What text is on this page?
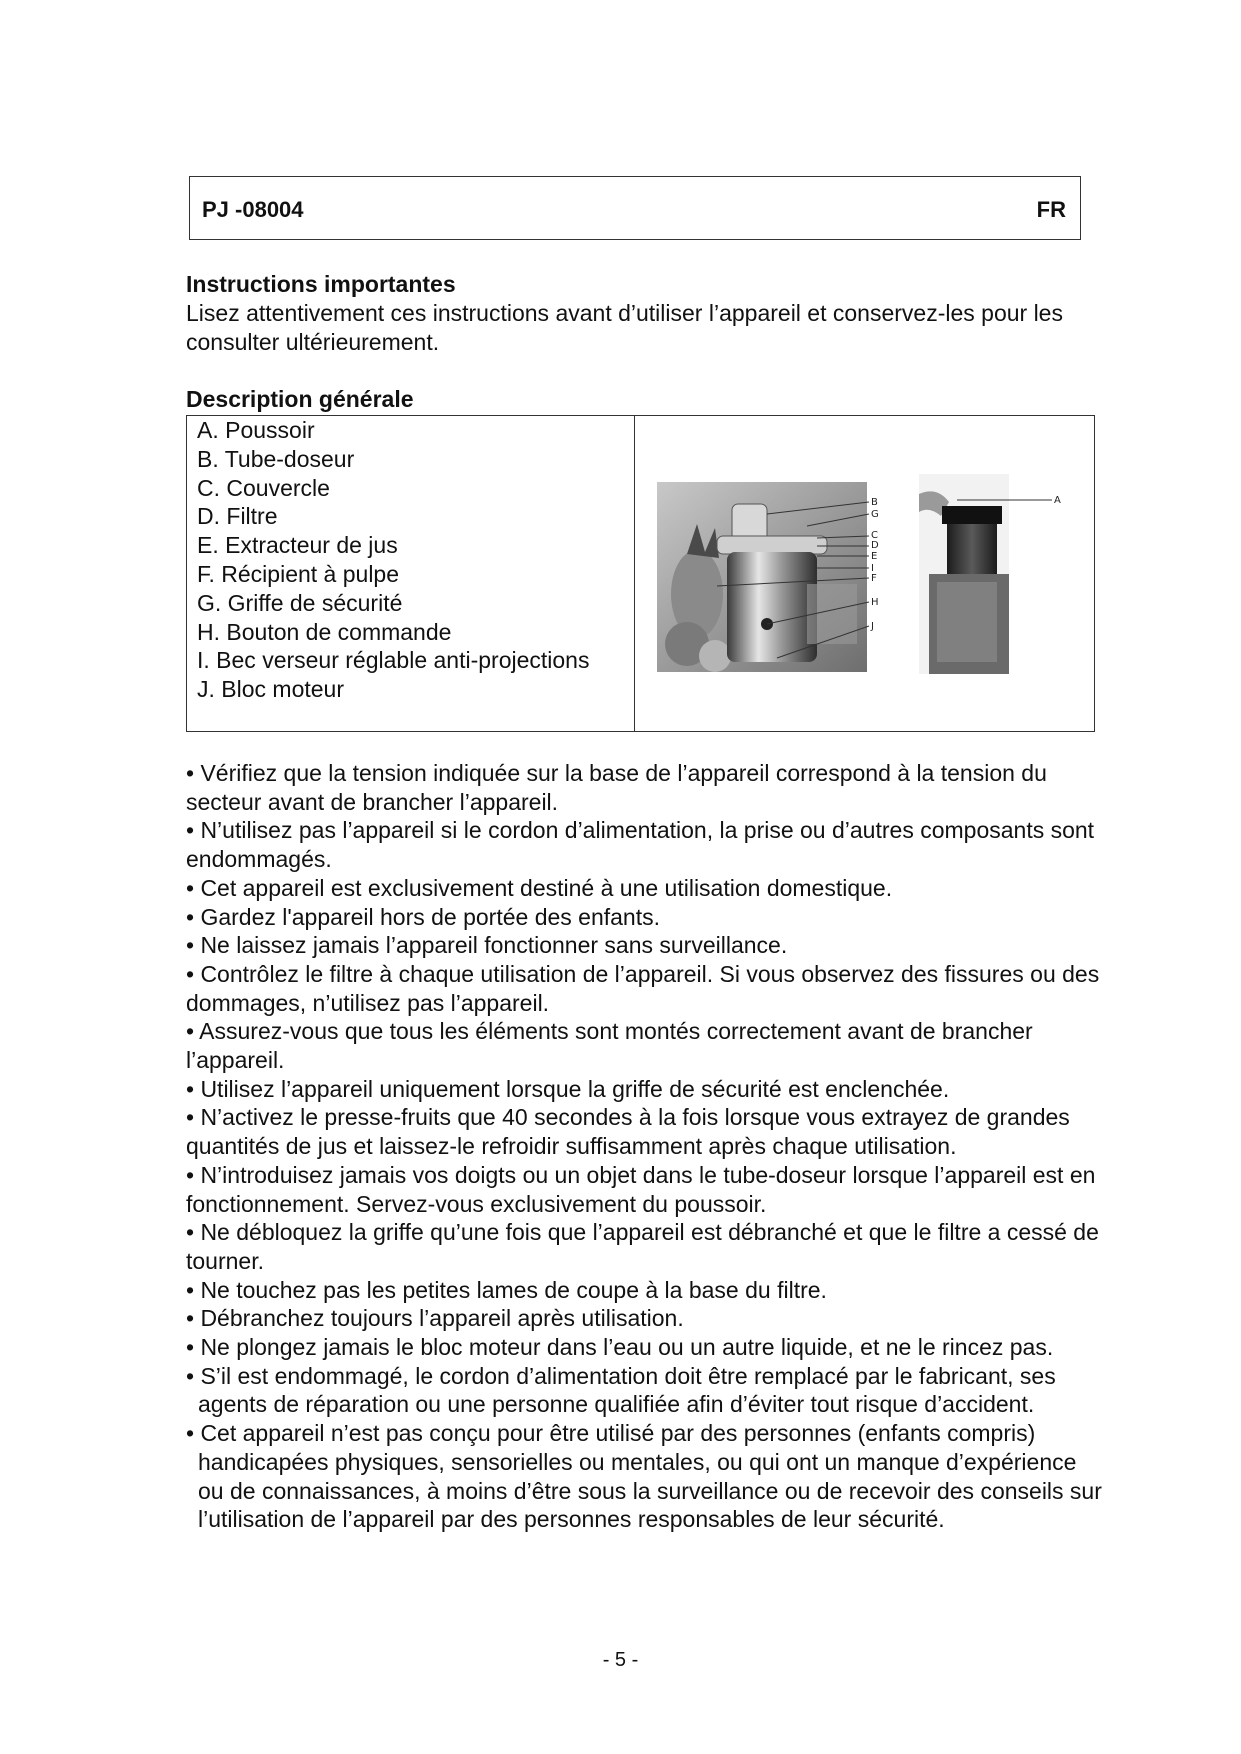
PJ -08004	FR
Instructions importantes
Lisez attentivement ces instructions avant d’utiliser l’appareil et conservez-les pour les consulter ultérieurement.
Description générale
A. Poussoir
B. Tube-doseur
C. Couvercle
D. Filtre
E. Extracteur de jus
F. Récipient à pulpe
G. Griffe de sécurité
H. Bouton de commande
I. Bec verseur réglable anti-projections
J. Bloc moteur
B
G
C
D
E
I
F
H
J
A

• Vérifiez que la tension indiquée sur la base de l’appareil correspond à la tension du secteur avant de brancher l’appareil.

• N’utilisez pas l’appareil si le cordon d’alimentation, la prise ou d’autres composants sont endommagés.

• Cet appareil est exclusivement destiné à une utilisation domestique.

• Gardez l'appareil hors de portée des enfants.

• Ne laissez jamais l’appareil fonctionner sans surveillance.

• Contrôlez le filtre à chaque utilisation de l’appareil. Si vous observez des fissures ou des dommages, n’utilisez pas l’appareil.

• Assurez-vous que tous les éléments sont montés correctement avant de brancher l’appareil.

• Utilisez l’appareil uniquement lorsque la griffe de sécurité est enclenchée.

• N’activez le presse-fruits que 40 secondes à la fois lorsque vous extrayez de grandes quantités de jus et laissez-le refroidir suffisamment après chaque utilisation.

• N’introduisez jamais vos doigts ou un objet dans le tube-doseur lorsque l’appareil est en fonctionnement. Servez-vous exclusivement du poussoir.

• Ne débloquez la griffe qu’une fois que l’appareil est débranché et que le filtre a cessé de tourner.

• Ne touchez pas les petites lames de coupe à la base du filtre.

• Débranchez toujours l’appareil après utilisation.

• Ne plongez jamais le bloc moteur dans l’eau ou un autre liquide, et ne le rincez pas.

• S’il est endommagé, le cordon d’alimentation doit être remplacé par le fabricant, ses agents de réparation ou une personne qualifiée afin d’éviter tout risque d’accident.

• Cet appareil n’est pas conçu pour être utilisé par des personnes (enfants compris) handicapées physiques, sensorielles ou mentales, ou qui ont un manque d’expérience ou de connaissances, à moins d’être sous la surveillance ou de recevoir des conseils sur l’utilisation de l’appareil par des personnes responsables de leur sécurité.

- 5 -
